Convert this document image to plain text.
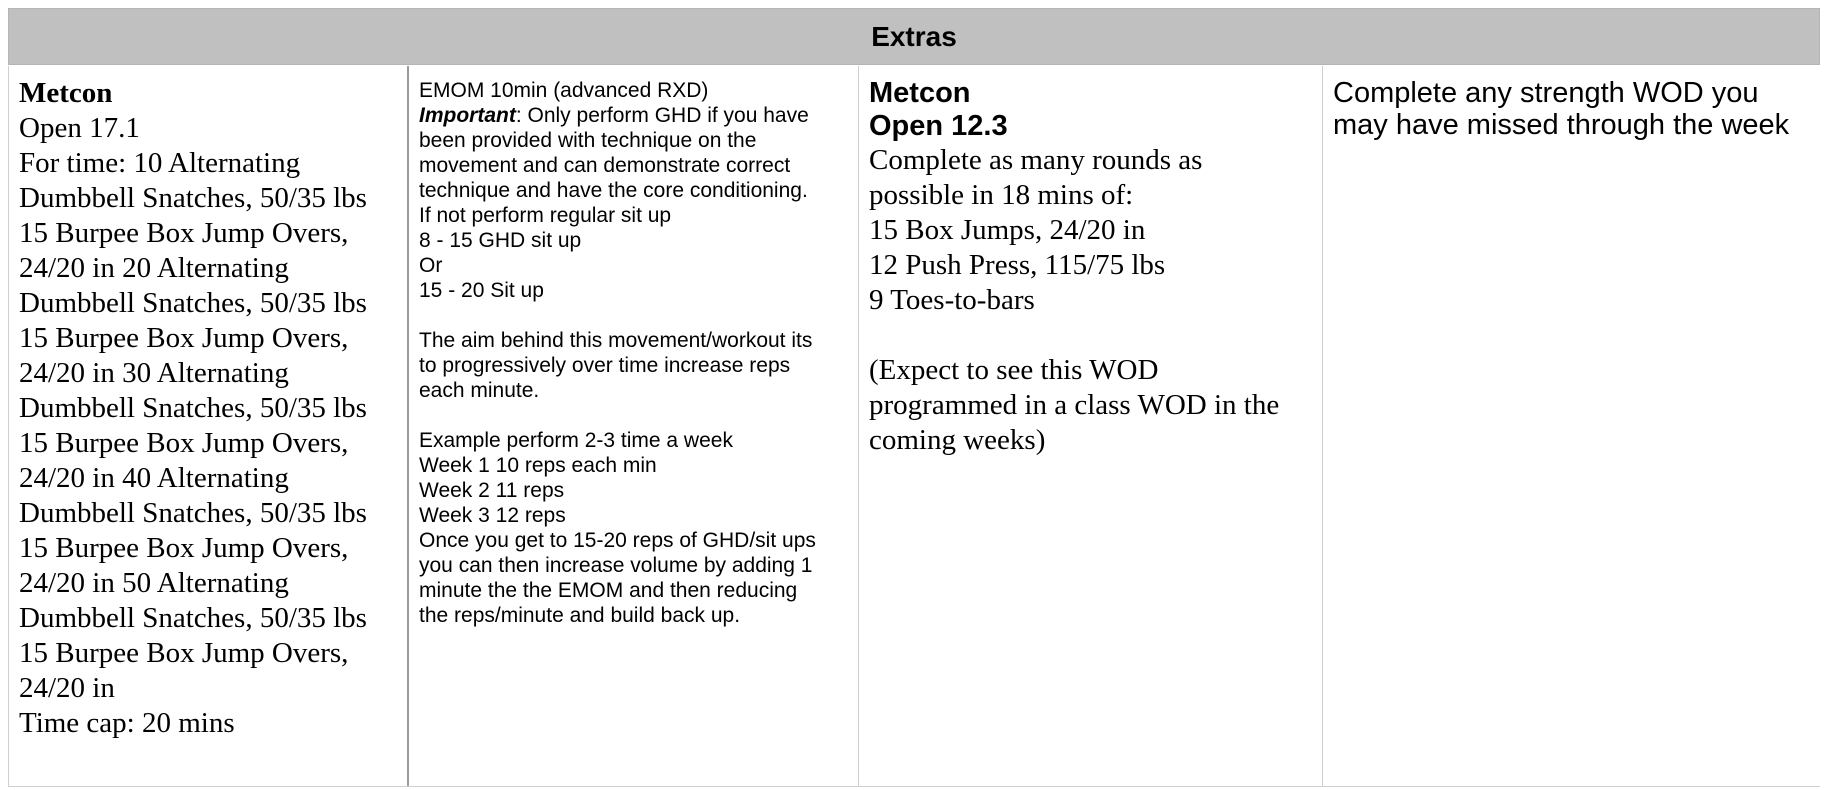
Extras
Metcon
Open 17.1
For time: 10 Alternating
Dumbbell Snatches, 50/35 lbs
15 Burpee Box Jump Overs,
24/20 in 20 Alternating
Dumbbell Snatches, 50/35 lbs
15 Burpee Box Jump Overs,
24/20 in 30 Alternating
Dumbbell Snatches, 50/35 lbs
15 Burpee Box Jump Overs,
24/20 in 40 Alternating
Dumbbell Snatches, 50/35 lbs
15 Burpee Box Jump Overs,
24/20 in 50 Alternating
Dumbbell Snatches, 50/35 lbs
15 Burpee Box Jump Overs,
24/20 in
Time cap: 20 mins
EMOM 10min (advanced RXD)
Important: Only perform GHD if you have
been provided with technique on the
movement and can demonstrate correct
technique and have the core conditioning.
If not perform regular sit up
8 - 15 GHD sit up
Or
15 - 20 Sit up
The aim behind this movement/workout its
to progressively over time increase reps
each minute.
Example perform 2-3 time a week
Week 1 10 reps each min
Week 2 11 reps
Week 3 12 reps
Once you get to 15-20 reps of GHD/sit ups
you can then increase volume by adding 1
minute the the EMOM and then reducing
the reps/minute and build back up.
Metcon
Open 12.3
Complete as many rounds as
possible in 18 mins of:
15 Box Jumps, 24/20 in
12 Push Press, 115/75 lbs
9 Toes-to-bars
(Expect to see this WOD
programmed in a class WOD in the
coming weeks)
Complete any strength WOD you
may have missed through the week
